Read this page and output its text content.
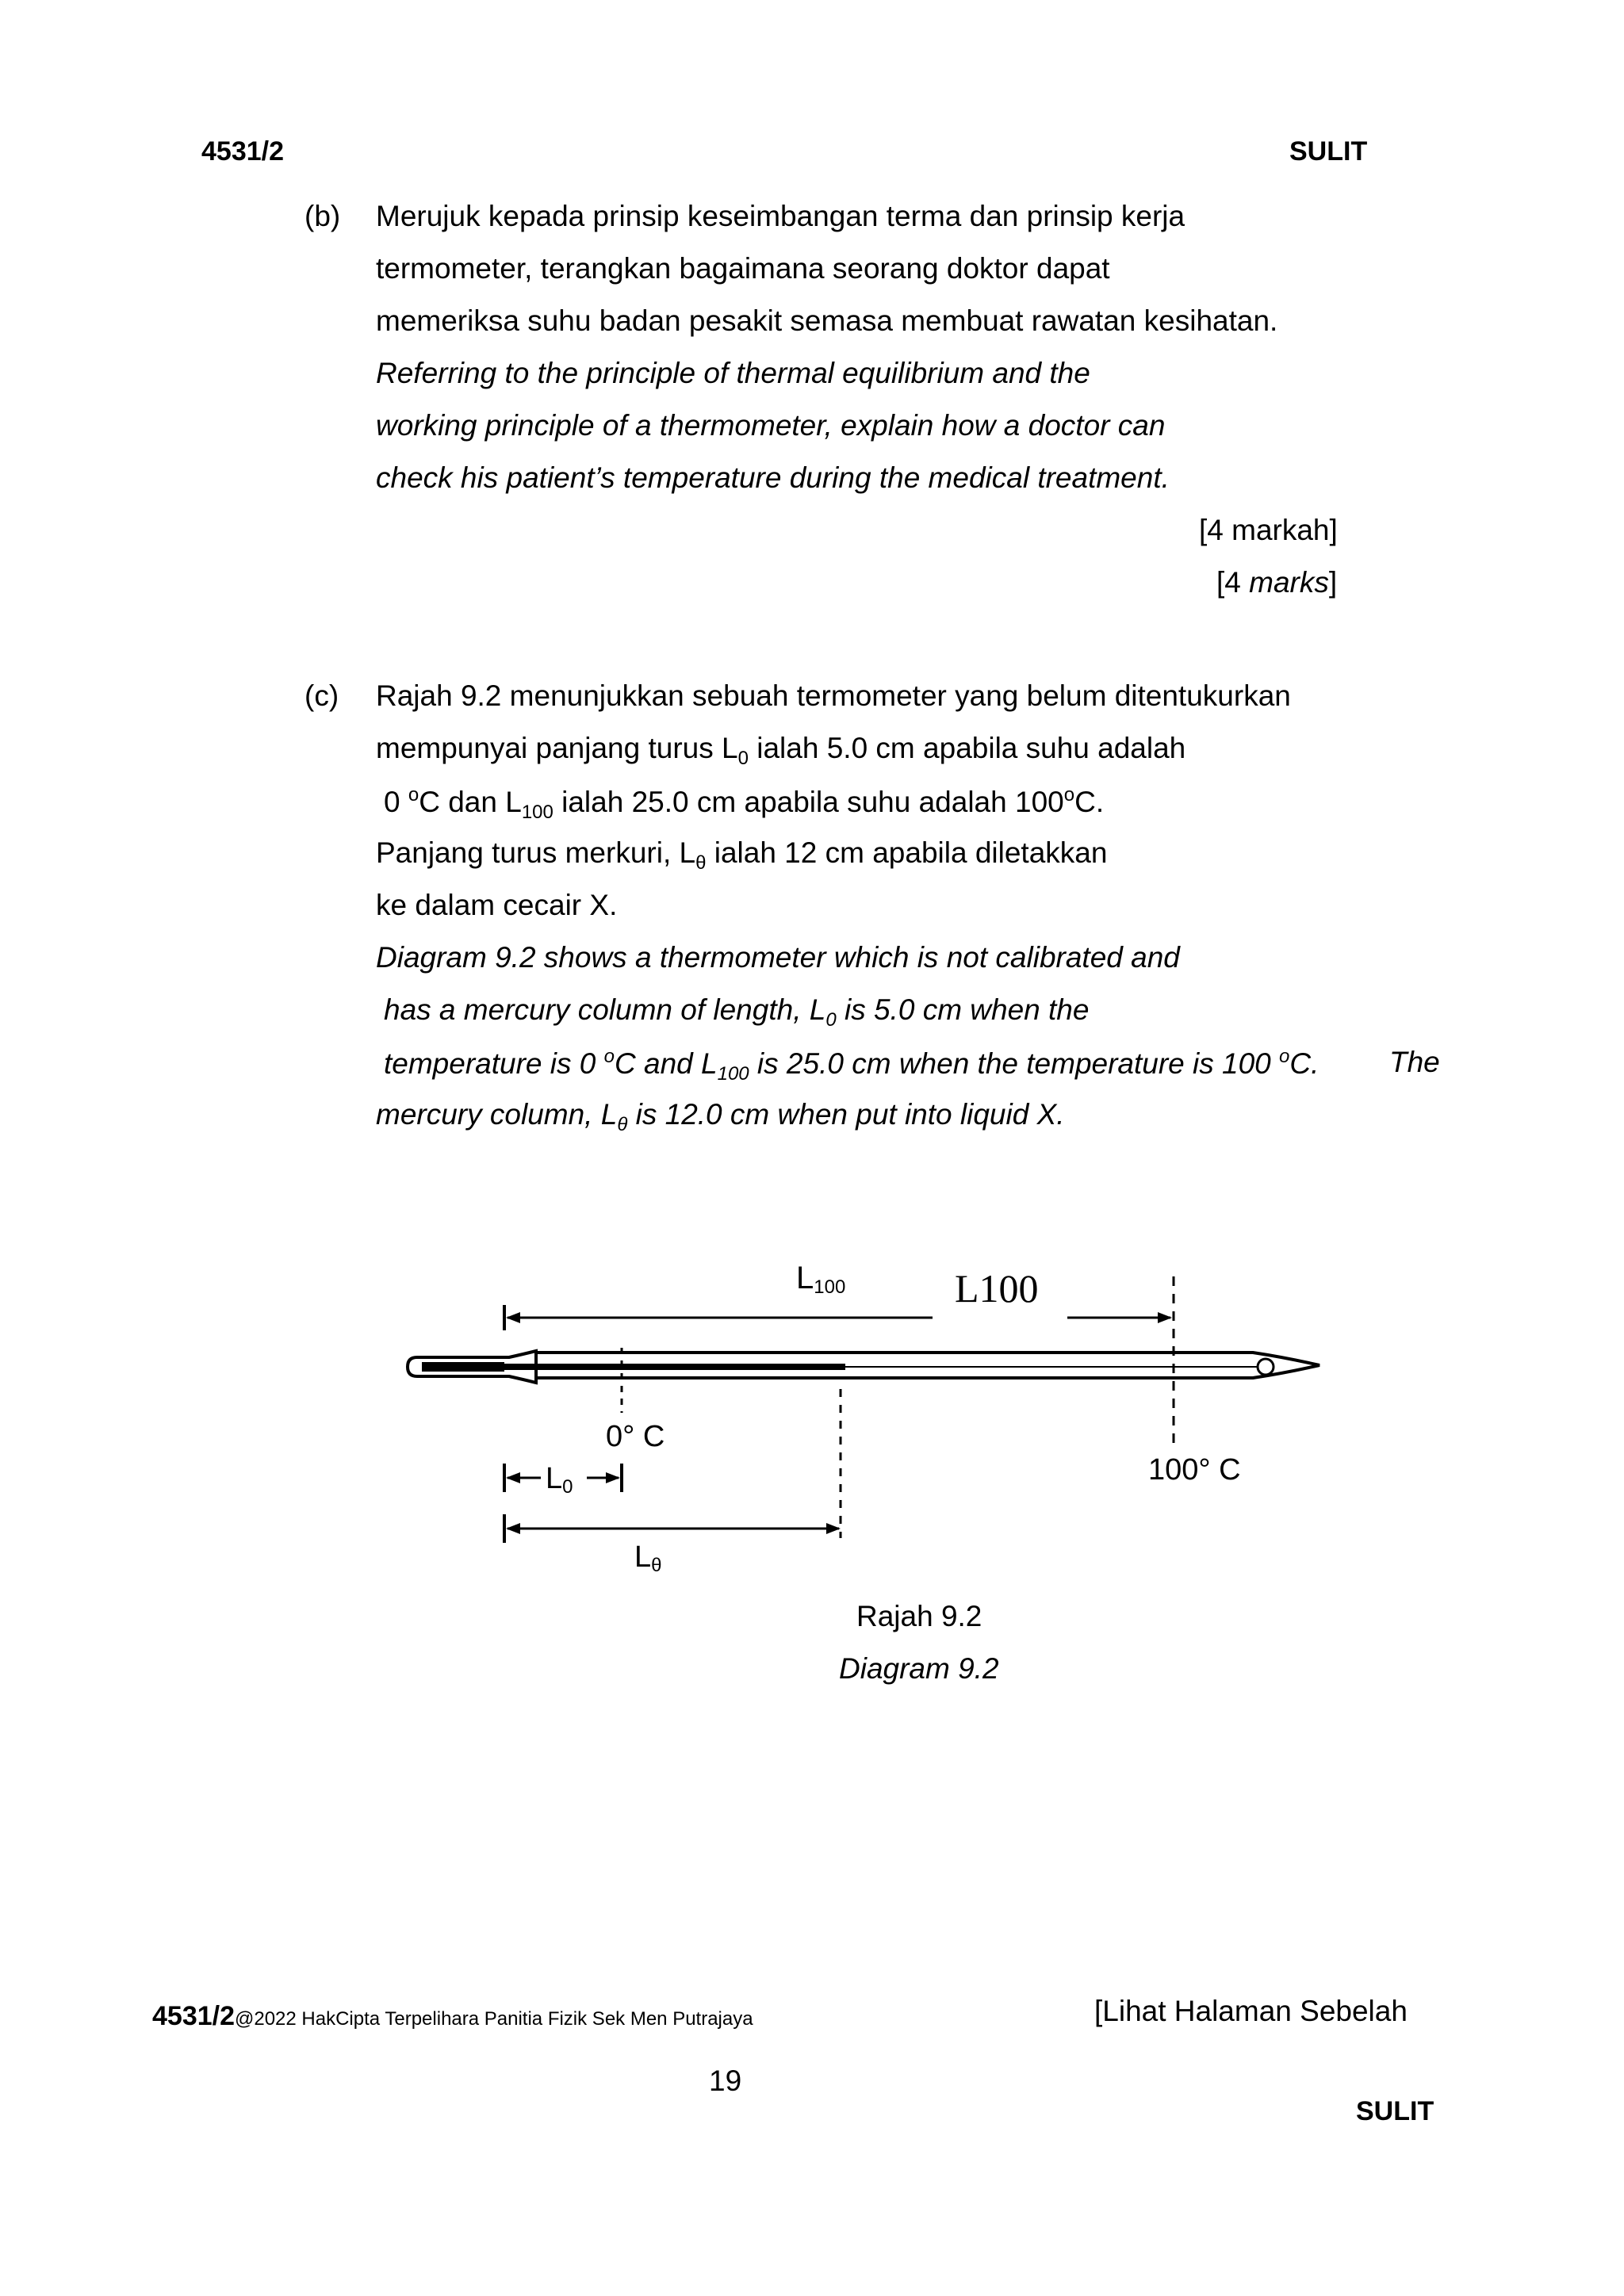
4531/2	SULIT
(b) Merujuk kepada prinsip keseimbangan terma dan prinsip kerja
termometer, terangkan bagaimana seorang doktor dapat
memeriksa suhu badan pesakit semasa membuat rawatan kesihatan.
Referring to the principle of thermal equilibrium and the
working principle of a thermometer, explain how a doctor can
check his patient’s temperature during the medical treatment.
[4 markah]
[4 marks]
(c) Rajah 9.2 menunjukkan sebuah termometer yang belum ditentukurkan
mempunyai panjang turus $L_0$ ialah 5.0 cm apabila suhu adalah
0 $^o$C dan $L_{100}$ ialah 25.0 cm apabila suhu adalah 100$^o$C.
Panjang turus merkuri, $L_\theta$ ialah 12 cm apabila diletakkan
ke dalam cecair X.
Diagram 9.2 shows a thermometer which is not calibrated and
has a mercury column of length, $L_0$ is 5.0 cm when the
temperature is 0 $^o$C and $L_{100}$ is 25.0 cm when the temperature is 100 $^o$C. The
mercury column, $L_\theta$ is 12.0 cm when put into liquid X.
L100	L100
0° C
100° C
L0
Lθ
Rajah 9.2
Diagram 9.2
4531/2@2022 HakCipta Terpelihara Panitia Fizik Sek Men Putrajaya	[Lihat Halaman Sebelah
19
SULIT
